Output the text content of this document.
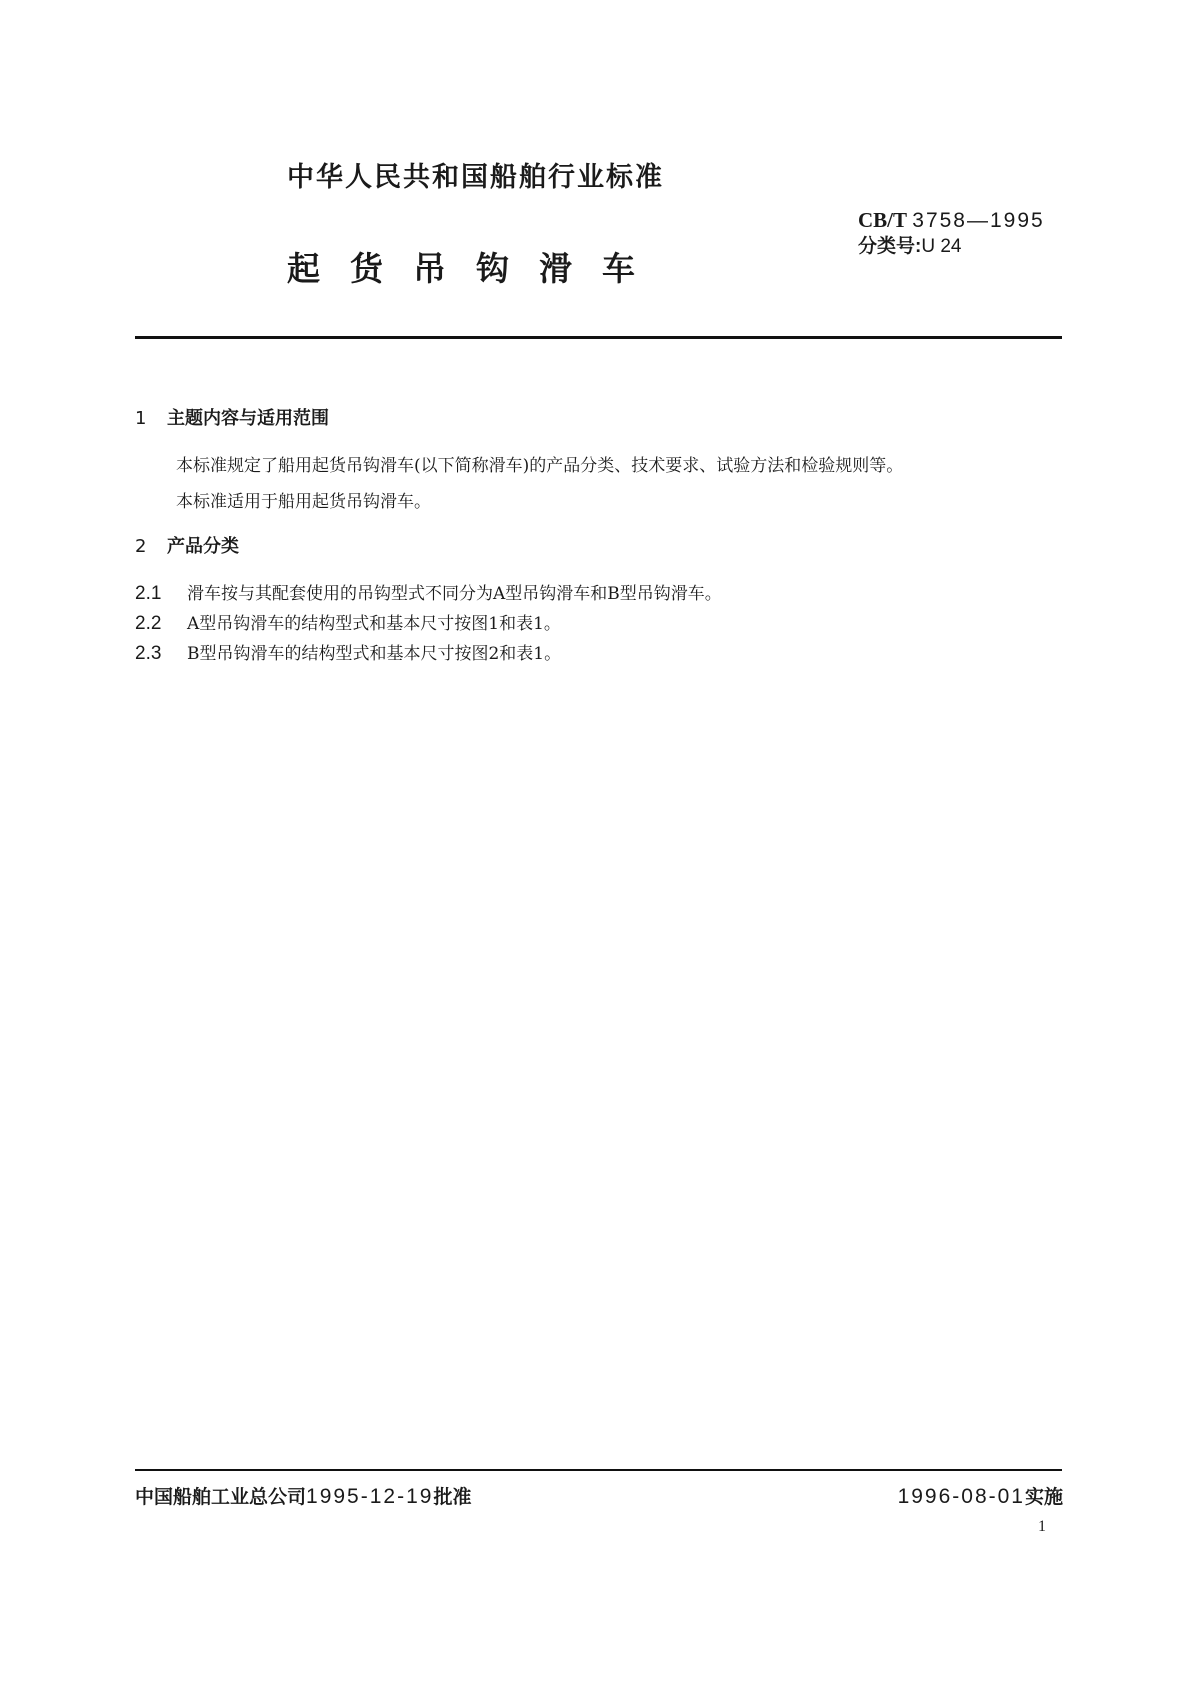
中华人民共和国船舶行业标准
CB/T 3758—1995
分类号:U 24
起货吊钩滑车
1 主题内容与适用范围
本标准规定了船用起货吊钩滑车(以下简称滑车)的产品分类、技术要求、试验方法和检验规则等。
本标准适用于船用起货吊钩滑车。
2 产品分类
2.1 滑车按与其配套使用的吊钩型式不同分为A型吊钩滑车和B型吊钩滑车。
2.2 A型吊钩滑车的结构型式和基本尺寸按图1和表1。
2.3 B型吊钩滑车的结构型式和基本尺寸按图2和表1。
中国船舶工业总公司1995-12-19批准	1996-08-01实施
1
